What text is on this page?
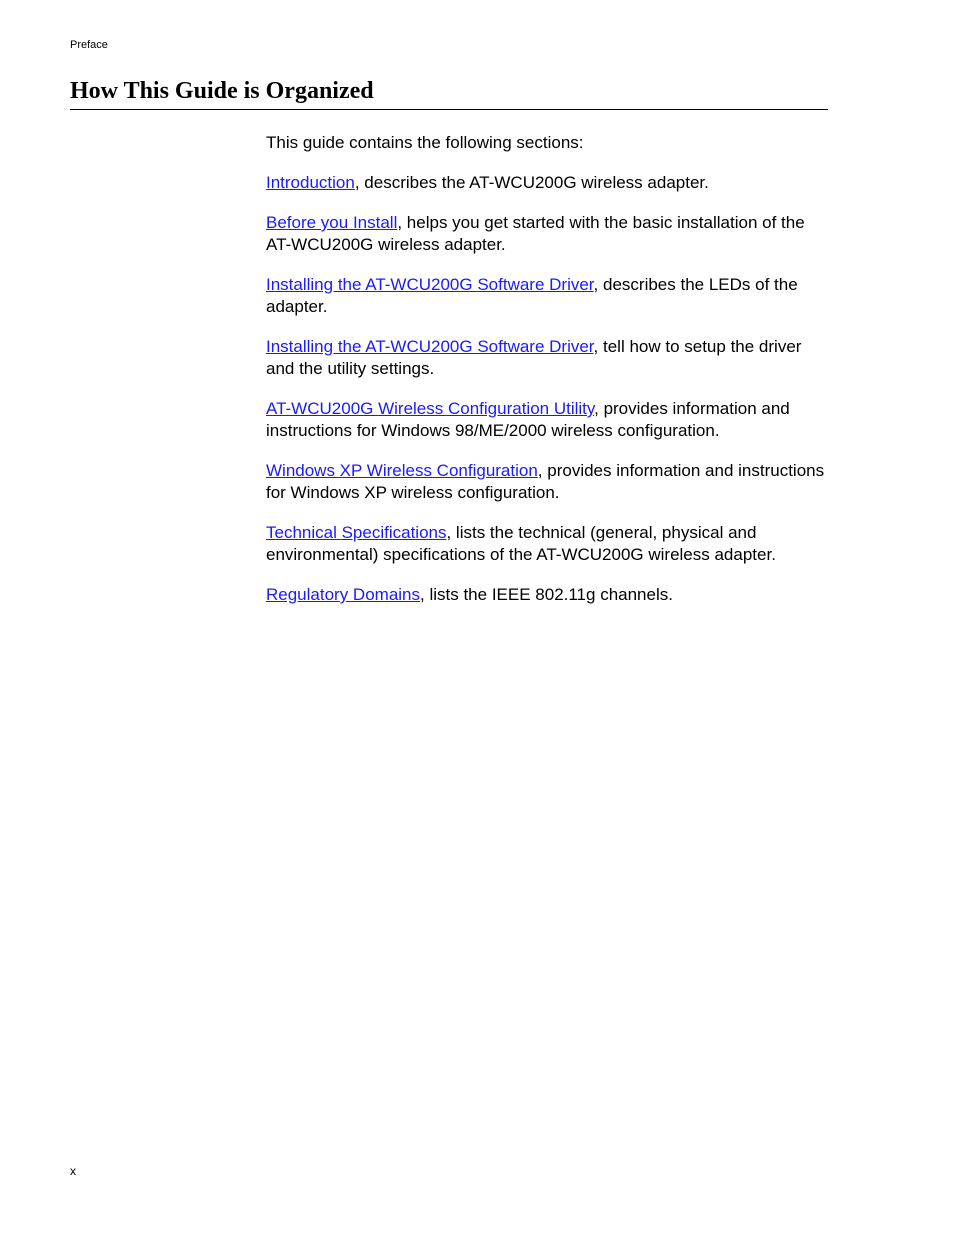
Preface
How This Guide is Organized

This guide contains the following sections:

Introduction, describes the AT-WCU200G wireless adapter.

Before you Install, helps you get started with the basic installation of the AT-WCU200G wireless adapter.

Installing the AT-WCU200G Software Driver, describes the LEDs of the adapter.

Installing the AT-WCU200G Software Driver, tell how to setup the driver and the utility settings.

AT-WCU200G Wireless Configuration Utility, provides information and instructions for Windows 98/ME/2000 wireless configuration.

Windows XP Wireless Configuration, provides information and instructions for Windows XP wireless configuration.

Technical Specifications, lists the technical (general, physical and environmental) specifications of the AT-WCU200G wireless adapter.

Regulatory Domains, lists the IEEE 802.11g channels.

x
